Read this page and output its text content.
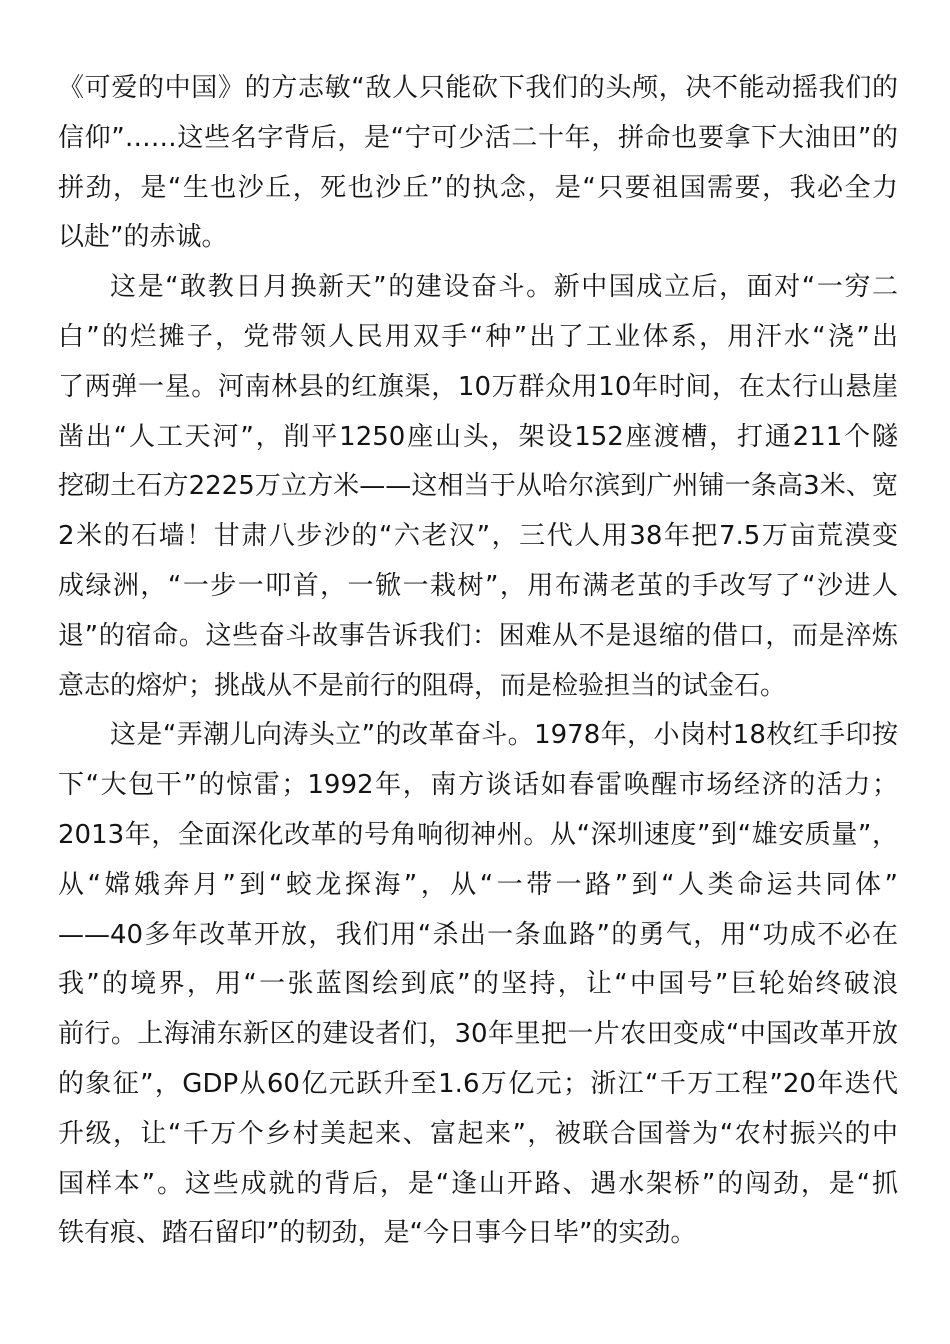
《可爱的中国》的方志敏“敌人只能砍下我们的头颅，决不能动摇我们的
信仰”……这些名字背后，是“宁可少活二十年，拼命也要拿下大油田”的
拼劲，是“生也沙丘，死也沙丘”的执念，是“只要祖国需要，我必全力
以赴”的赤诚。
这是“敢教日月换新天”的建设奋斗。新中国成立后，面对“一穷二
白”的烂摊子，党带领人民用双手“种”出了工业体系，用汗水“浇”出
了两弹一星。河南林县的红旗渠，10万群众用10年时间，在太行山悬崖
凿出“人工天河”，削平1250座山头，架设152座渡槽，打通211个隧
挖砌土石方2225万立方米——这相当于从哈尔滨到广州铺一条高3米、宽
2米的石墙！甘肃八步沙的“六老汉”，三代人用38年把7.5万亩荒漠变
成绿洲，“一步一叩首，一锨一栽树”，用布满老茧的手改写了“沙进人
退”的宿命。这些奋斗故事告诉我们：困难从不是退缩的借口，而是淬炼
意志的熔炉；挑战从不是前行的阻碍，而是检验担当的试金石。
这是“弄潮儿向涛头立”的改革奋斗。1978年，小岗村18枚红手印按
下“大包干”的惊雷；1992年，南方谈话如春雷唤醒市场经济的活力；
2013年，全面深化改革的号角响彻神州。从“深圳速度”到“雄安质量”，
从“嫦娥奔月”到“蛟龙探海”，从“一带一路”到“人类命运共同体”
——40多年改革开放，我们用“杀出一条血路”的勇气，用“功成不必在
我”的境界，用“一张蓝图绘到底”的坚持，让“中国号”巨轮始终破浪
前行。上海浦东新区的建设者们，30年里把一片农田变成“中国改革开放
的象征”，GDP从60亿元跃升至1.6万亿元；浙江“千万工程”20年迭代
升级，让“千万个乡村美起来、富起来”，被联合国誉为“农村振兴的中
国样本”。这些成就的背后，是“逢山开路、遇水架桥”的闯劲，是“抓
铁有痕、踏石留印”的韧劲，是“今日事今日毕”的实劲。
